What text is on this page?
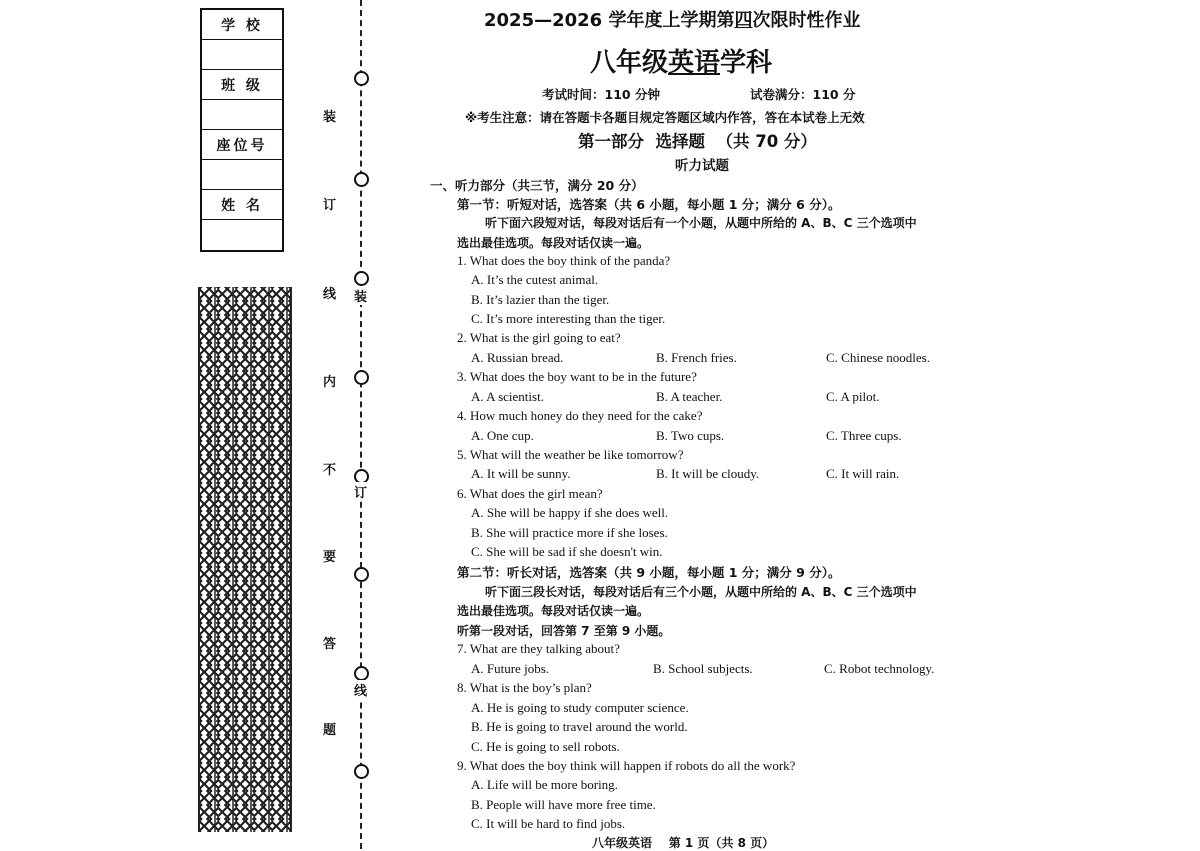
学 校
班 级
座位号
姓 名
装
订
线
内
不
要
答
题
装
订
线
2025—2026 学年度上学期第四次限时性作业
八年级英语学科
考试时间：110 分钟	试卷满分：110 分
※考生注意：请在答题卡各题目规定答题区域内作答，答在本试卷上无效
第一部分  选择题  （共 70 分）
听力试题
一、听力部分（共三节，满分 20 分）
第一节：听短对话，选答案（共 6 小题，每小题 1 分；满分 6 分）。
听下面六段短对话，每段对话后有一个小题，从题中所给的 A、B、C 三个选项中
选出最佳选项。每段对话仅读一遍。
1. What does the boy think of the panda?
A. It’s the cutest animal.
B. It’s lazier than the tiger.
C. It’s more interesting than the tiger.
2. What is the girl going to eat?
A. Russian bread.	B. French fries.	C. Chinese noodles.
3. What does the boy want to be in the future?
A. A scientist.	B. A teacher.	C. A pilot.
4. How much honey do they need for the cake?
A. One cup.	B. Two cups.	C. Three cups.
5. What will the weather be like tomorrow?
A. It will be sunny.	B. It will be cloudy.	C. It will rain.
6. What does the girl mean?
A. She will be happy if she does well.
B. She will practice more if she loses.
C. She will be sad if she doesn't win.
第二节：听长对话，选答案（共 9 小题，每小题 1 分；满分 9 分）。
听下面三段长对话，每段对话后有三个小题，从题中所给的 A、B、C 三个选项中
选出最佳选项。每段对话仅读一遍。
听第一段对话，回答第 7 至第 9 小题。
7. What are they talking about?
A. Future jobs.	B. School subjects.	C. Robot technology.
8. What is the boy’s plan?
A. He is going to study computer science.
B. He is going to travel around the world.
C. He is going to sell robots.
9. What does the boy think will happen if robots do all the work?
A. Life will be more boring.
B. People will have more free time.
C. It will be hard to find jobs.
八年级英语    第 1 页（共 8 页）
